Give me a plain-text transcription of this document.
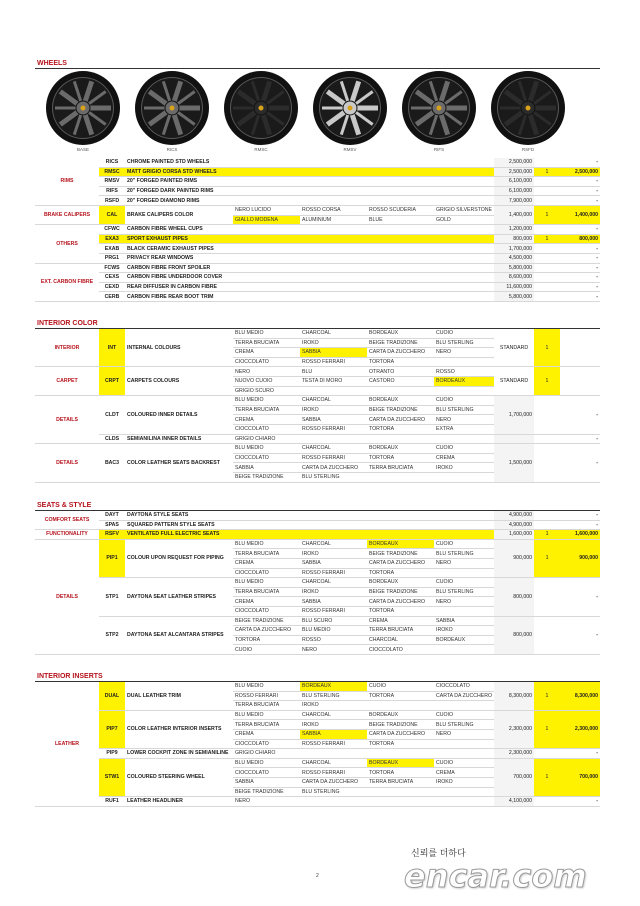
WHEELS
BASE	RICS	RMSC	RMSV	RIFS	RSFD
RIMS	RICS	CHROME PAINTED STD WHEELS					2,500,000		-
	RMSC	MATT GRIGIO CORSA STD WHEELS					2,500,000	1	2,500,000
	RMSV	20" FORGED PAINTED RIMS					6,100,000		-
	RIFS	20" FORGED DARK PAINTED RIMS					6,100,000		-
	RSFD	20" FORGED DIAMOND RIMS					7,900,000		-
BRAKE CALIPERS	CAL	BRAKE CALIPERS COLOR	NERO LUCIDO	ROSSO CORSA	ROSSO SCUDERIA	GRIGIO SILVERSTONE	1,400,000	1	1,400,000
			GIALLO MODENA	ALUMINIUM	BLUE	GOLD			
OTHERS	CFWC	CARBON FIBRE WHEEL CUPS					1,200,000		-
	EXA3	SPORT EXHAUST PIPES					800,000	1	800,000
	EXAB	BLACK CERAMIC EXHAUST PIPES					1,700,000		-
	PRG1	PRIVACY REAR WINDOWS					4,500,000		-
EXT. CARBON FIBRE	FCWS	CARBON FIBRE FRONT SPOILER					5,800,000		-
	CEXS	CARBON FIBRE UNDERDOOR COVER					8,600,000		-
	CEXD	REAR DIFFUSER IN CARBON FIBRE					11,600,000		-
	CERB	CARBON FIBRE REAR BOOT TRIM					5,800,000		-
INTERIOR COLOR
INTERIOR	INT	INTERNAL COLOURS	BLU MEDIO	CHARCOAL	BORDEAUX	CUOIO	STANDARD	1	
			TERRA BRUCIATA	IROKO	BEIGE TRADIZIONE	BLU STERLING			
			CREMA	SABBIA	CARTA DA ZUCCHERO	NERO			
			CIOCCOLATO	ROSSO FERRARI	TORTORA				
CARPET	CRPT	CARPETS COLOURS	NERO	BLU	OTRANTO	ROSSO	STANDARD	1	
			NUOVO CUOIO	TESTA DI MORO	CASTORO	BORDEAUX			
			GRIGIO SCURO						
DETAILS	CLDT	COLOURED INNER DETAILS	BLU MEDIO	CHARCOAL	BORDEAUX	CUOIO	1,700,000		-
			TERRA BRUCIATA	IROKO	BEIGE TRADIZIONE	BLU STERLING			
			CREMA	SABBIA	CARTA DA ZUCCHERO	NERO			
			CIOCCOLATO	ROSSO FERRARI	TORTORA	EXTRA			
	CLDS	SEMIANILINA INNER DETAILS	GRIGIO CHIARO						-
DETAILS	BAC3	COLOR LEATHER SEATS BACKREST	BLU MEDIO	CHARCOAL	BORDEAUX	CUOIO	1,500,000		-
			CIOCCOLATO	ROSSO FERRARI	TORTORA	CREMA			
			SABBIA	CARTA DA ZUCCHERO	TERRA BRUCIATA	IROKO			
			BEIGE TRADIZIONE	BLU STERLING					
SEATS & STYLE
COMFORT SEATS	DAYT	DAYTONA STYLE SEATS					4,900,000		-
	SPAS	SQUARED PATTERN STYLE SEATS					4,900,000		-
FUNCTIONALITY	RSFV	VENTILATED FULL ELECTRIC SEATS					1,600,000	1	1,600,000
DETAILS	PIP1	COLOUR UPON REQUEST FOR PIPING	BLU MEDIO	CHARCOAL	BORDEAUX	CUOIO	900,000	1	900,000
			TERRA BRUCIATA	IROKO	BEIGE TRADIZIONE	BLU STERLING			
			CREMA	SABBIA	CARTA DA ZUCCHERO	NERO			
			CIOCCOLATO	ROSSO FERRARI	TORTORA				
	STP1	DAYTONA SEAT LEATHER STRIPES	BLU MEDIO	CHARCOAL	BORDEAUX	CUOIO	800,000		-
			TERRA BRUCIATA	IROKO	BEIGE TRADIZIONE	BLU STERLING			
			CREMA	SABBIA	CARTA DA ZUCCHERO	NERO			
			CIOCCOLATO	ROSSO FERRARI	TORTORA				
	STP2	DAYTONA SEAT ALCANTARA STRIPES	BEIGE TRADIZIONE	BLU SCURO	CREMA	SABBIA	800,000		-
			CARTA DA ZUCCHERO	BLU MEDIO	TERRA BRUCIATA	IROKO			
			TORTORA	ROSSO	CHARCOAL	BORDEAUX			
			CUOIO	NERO	CIOCCOLATO				
INTERIOR INSERTS
LEATHER	DUAL	DUAL LEATHER TRIM	BLU MEDIO	BORDEAUX	CUOIO	CIOCCOLATO	8,300,000	1	8,300,000
			ROSSO FERRARI	BLU STERLING	TORTORA	CARTA DA ZUCCHERO			
			TERRA BRUCIATA	IROKO					
	PIP7	COLOR LEATHER INTERIOR INSERTS	BLU MEDIO	CHARCOAL	BORDEAUX	CUOIO	2,300,000	1	2,300,000
			TERRA BRUCIATA	IROKO	BEIGE TRADIZIONE	BLU STERLING			
			CREMA	SABBIA	CARTA DA ZUCCHERO	NERO			
			CIOCCOLATO	ROSSO FERRARI	TORTORA				
	PIP9	LOWER COCKPIT ZONE IN SEMIANILINE	GRIGIO CHIARO				2,300,000		-
	STW1	COLOURED STEERING WHEEL	BLU MEDIO	CHARCOAL	BORDEAUX	CUOIO	700,000	1	700,000
			CIOCCOLATO	ROSSO FERRARI	TORTORA	CREMA			
			SABBIA	CARTA DA ZUCCHERO	TERRA BRUCIATA	IROKO			
			BEIGE TRADIZIONE	BLU STERLING					
	RUF1	LEATHER HEADLINER	NERO				4,100,000		-
신뢰를 더하다
encar.com
2
